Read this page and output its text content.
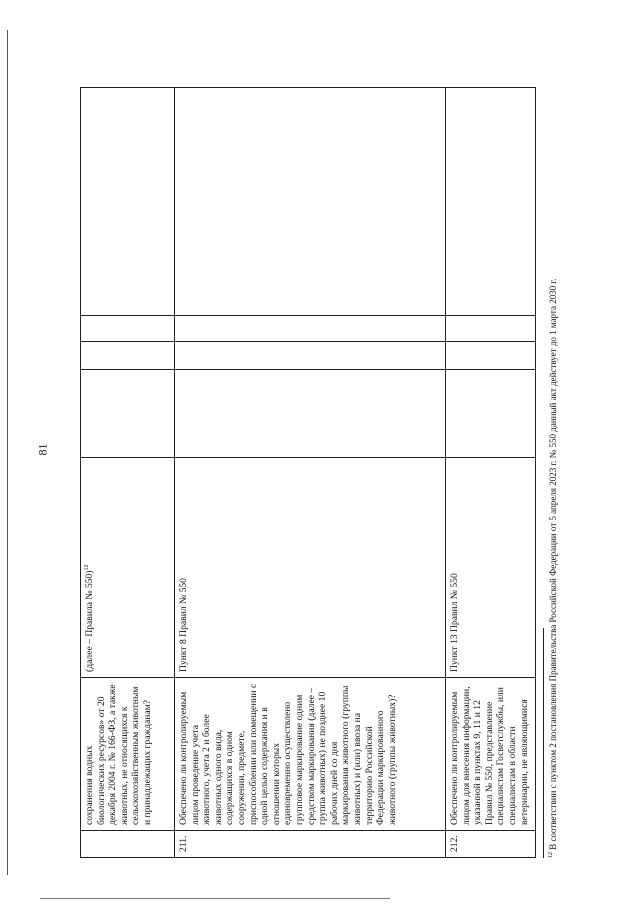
81
	сохранения водных биологических ресурсов» от 20 декабря 2004 г. № 166-ФЗ, а также животных, не относящихся к сельскохозяйственным животным и принадлежащих гражданам?	(далее – Правила № 550)$^{12}$				
211.	Обеспечено ли контролируемым лицом проведение учета животного, учета 2 и более животных одного вида, содержащихся в одном сооружении, предмете, приспособлении или помещении с одной целью содержания и в отношении которых единовременно осуществлено групповое маркирование одним средством маркирования (далее – группа животных) не позднее 10 рабочих дней со дня маркирования животного (группы животных) и (или) ввоза на территорию Российской Федерации маркированного животного (группы животных)?	Пункт 8 Правил № 550				
212.	Обеспечено ли контролируемым лицом для внесения информации, указанной в пунктах 9, 11 и 12 Правил № 550, представление специалистам Госветслужбы, или специалистам в области ветеринарии, не являющимися	Пункт 13 Правил № 550				
$^{12}$ В соответствии с пунктом 2 постановления Правительства Российской Федерации от 5 апреля 2023 г. № 550 данный акт действует до 1 марта 2030 г.
